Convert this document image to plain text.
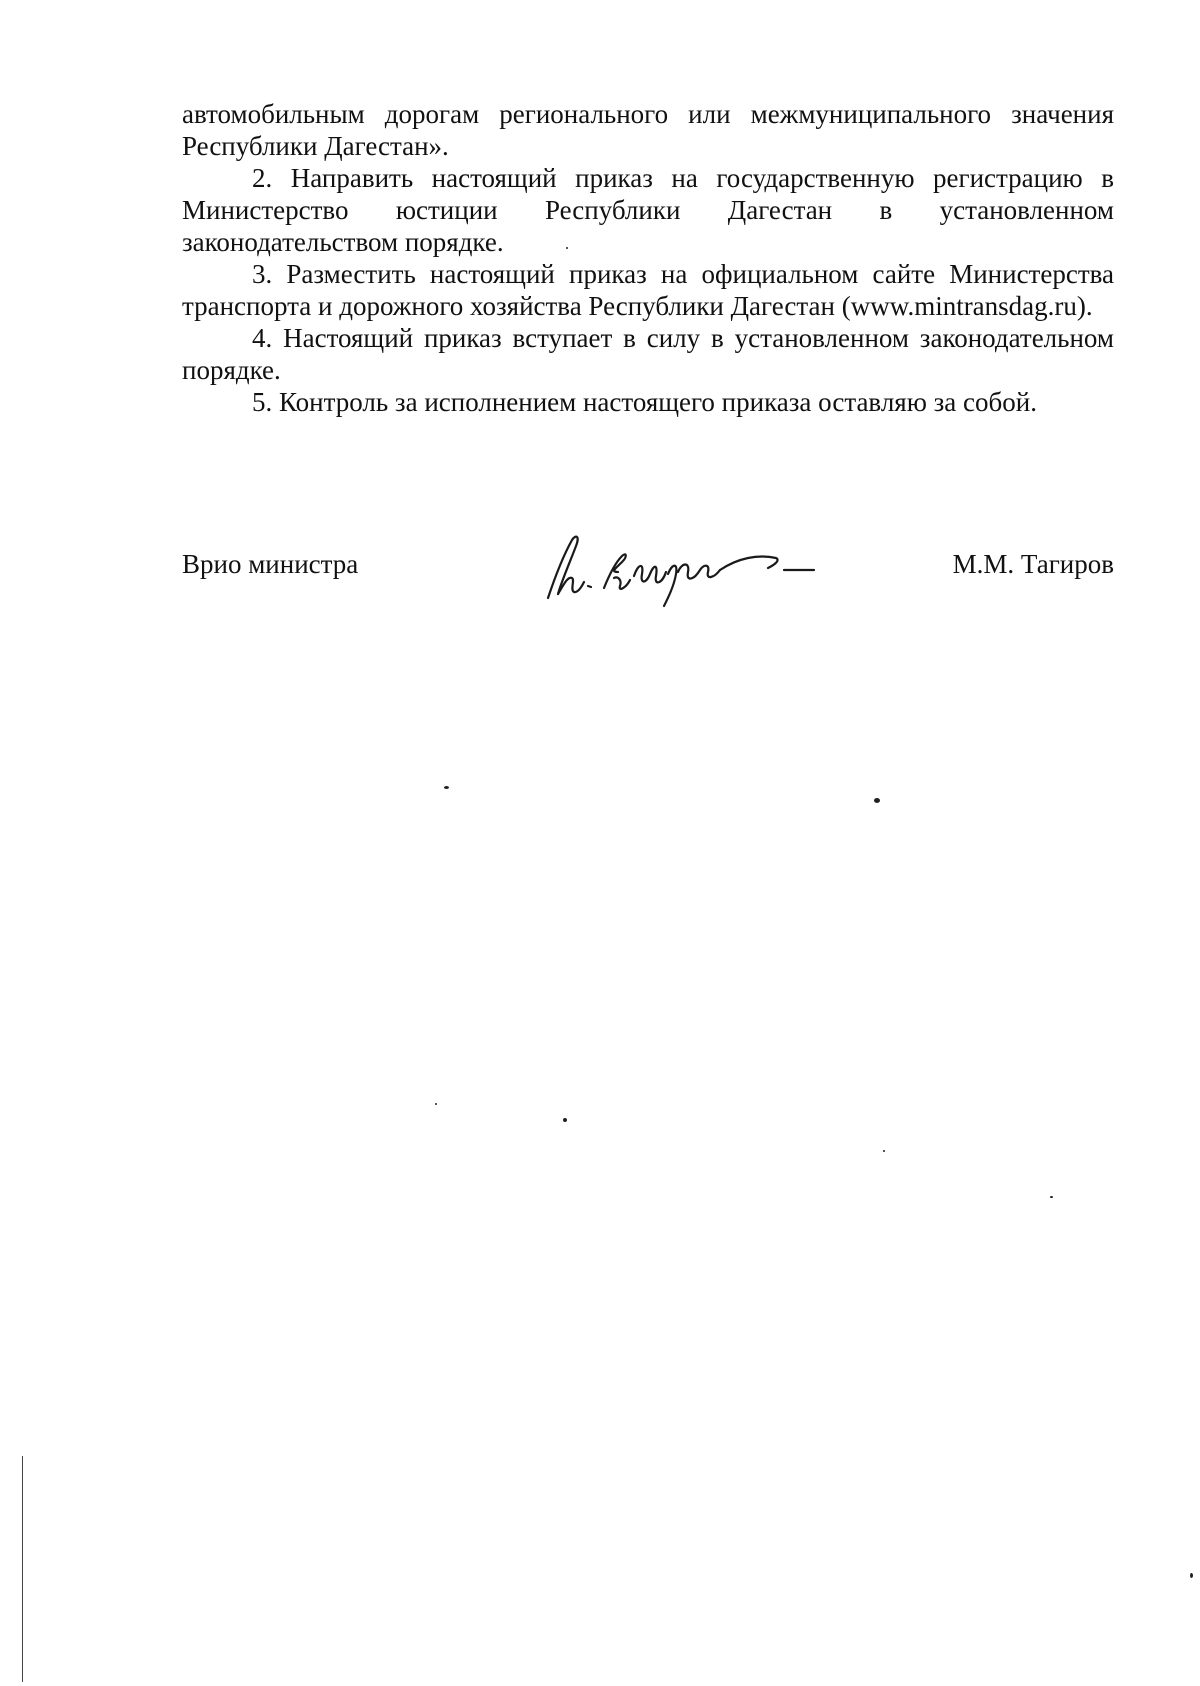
автомобильным дорогам регионального или межмуниципального значения Республики Дагестан».

2. Направить настоящий приказ на государственную регистрацию в Министерство юстиции Республики Дагестан в установленном законодательством порядке.

3. Разместить настоящий приказ на официальном сайте Министерства транспорта и дорожного хозяйства Республики Дагестан (www.mintransdag.ru).

4. Настоящий приказ вступает в силу в установленном законодательном порядке.

5. Контроль за исполнением настоящего приказа оставляю за собой.

Врио министра	М.М. Тагиров
